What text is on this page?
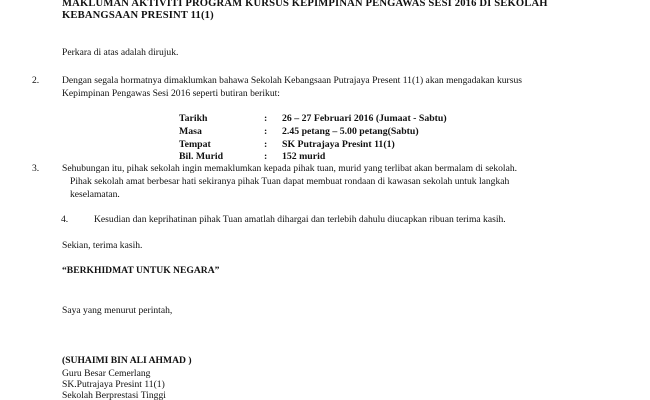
MAKLUMAN AKTIVITI PROGRAM KURSUS KEPIMPINAN PENGAWAS SESI 2016 DI SEKOLAH
KEBANGSAAN PRESINT 11(1)
Perkara di atas adalah dirujuk.
2. Dengan segala hormatnya dimaklumkan bahawa Sekolah Kebangsaan Putrajaya Present 11(1) akan mengadakan kursus
Kepimpinan Pengawas Sesi 2016 seperti butiran berikut:
Tarikh	: 26 – 27 Februari 2016 (Jumaat - Sabtu)
Masa	: 2.45 petang – 5.00 petang(Sabtu)
Tempat	: SK Putrajaya Presint 11(1)
Bil. Murid	: 152 murid
3. Sehubungan itu, pihak sekolah ingin memaklumkan kepada pihak tuan, murid yang terlibat akan bermalam di sekolah.
Pihak sekolah amat berbesar hati sekiranya pihak Tuan dapat membuat rondaan di kawasan sekolah untuk langkah
keselamatan.
4.	Kesudian dan keprihatinan pihak Tuan amatlah dihargai dan terlebih dahulu diucapkan ribuan terima kasih.
Sekian, terima kasih.
“BERKHIDMAT UNTUK NEGARA”
Saya yang menurut perintah,
(SUHAIMI BIN ALI AHMAD )
Guru Besar Cemerlang
SK.Putrajaya Presint 11(1)
Sekolah Berprestasi Tinggi
